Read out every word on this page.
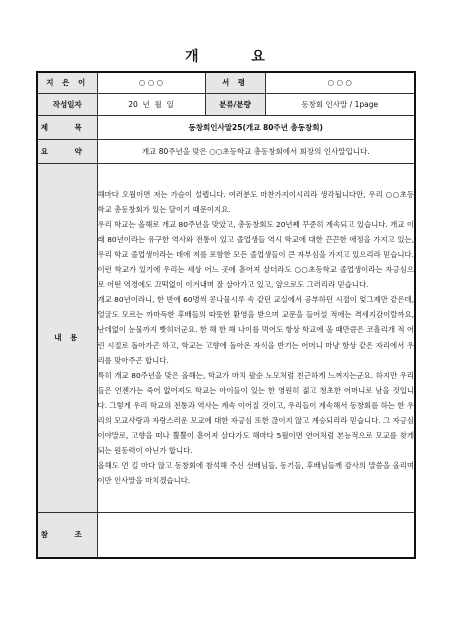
개 요
지 은 이	○ ○ ○	서 평	○ ○ ○
작성일자	20  년  월  일	분류/분량	동창회 인사말 / 1page
제 목	동창회인사말25(개교 80주년 총동창회)		
요 약	개교 80주년을 맞은 ○○초등학교 총동창회에서 회장의 인사말입니다.		
내 용	해마다 오월이면 저는 가슴이 설렙니다. 여러분도 마찬가지이시리라 생각됩니다만, 우리 ○○초등학교 총동창회가 있는 달이기 때문이지요.

우리 학교는 올해로 개교 80주년을 맞았고, 총동창회도 20년째 꾸준히 계속되고 있습니다. 개교 이래 80년이라는 유구한 역사와 전통이 있고 졸업생들 역시 학교에 대한 끈끈한 애정을 가지고 있는, 우리 학교 졸업생이라는 데에 저를 포함한 모든 졸업생들이 큰 자부심을 가지고 있으리라 믿습니다. 이런 학교가 있기에 우리는 세상 어느 곳에 흩어져 살더라도 ○○초등학교 졸업생이라는 자긍심으로 어떤 역경에도 끄떡없이 이겨내며 잘 살아가고 있고, 앞으로도 그러리라 믿습니다.

개교 80년이라니, 한 반에 60명씩 콩나물시루 속 같던 교실에서 공부하던 시절이 엊그제만 같은데, 얼굴도 모르는 까마득한 후배들의 따뜻한 환영을 받으며 교문을 들어설 적에는 격세지감이랄까요, 난데없이 눈물까지 빳히더군요. 한 해 한 해 나이를 먹어도 항상 학교에 올 때만큼은 코흘리개 적 어린 시절로 돌아가곤 하고, 학교는 고향에 돌아온 자식을 반기는 어머니 마냥 항상 같은 자리에서 우리를 맞아주곤 합니다.

특히 개교 80주년을 맞은 올해는, 학교가 마치 팔순 노모처럼 친근하게 느껴지는군요. 하지만 우리들은 언젠가는 죽어 없어져도 학교는 아이들이 있는 한 영원히 젊고 청초한 어머니로 남을 것입니다. 그렇게 우리 학교의 전통과 역사는 계속 이어질 것이고, 우리들이 계속해서 동창회를 하는 한 우리의 모교사랑과 자랑스러운 모교에 대한 자긍심 또한 끊이지 않고 계승되리라 믿습니다. 그 자긍심이야말로, 고향을 떠나 뿔뿔이 흩어져 살다가도 해마다 5월이면 연어처럼 본능적으로 모교를 찾게 되는 원동력이 아닌가 합니다.

올해도 먼 길 마다 않고 동창회에 참석해 주신 선배님들, 동기들, 후배님들께 감사의 말씀을 올리며 이만 인사말을 마치겠습니다.		

참 조			
